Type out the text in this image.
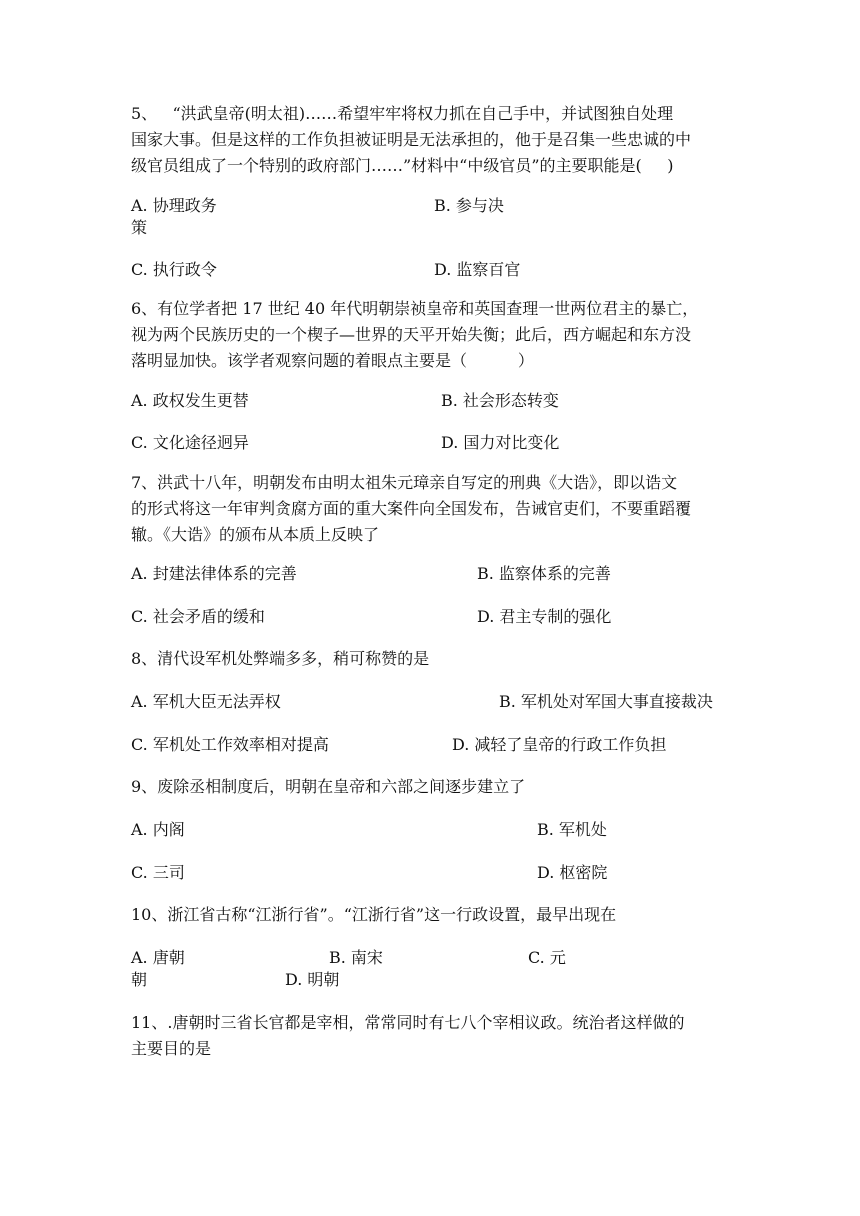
5、   “洪武皇帝(明太祖)……希望牢牢将权力抓在自己手中，并试图独自处理
国家大事。但是这样的工作负担被证明是无法承担的，他于是召集一些忠诚的中
级官员组成了一个特别的政府部门……”材料中“中级官员”的主要职能是(     )
A. 协理政务	B. 参与决
策
C. 执行政令	D. 监察百官
6、有位学者把 17 世纪 40 年代明朝崇祯皇帝和英国查理一世两位君主的暴亡，
视为两个民族历史的一个楔子—世界的天平开始失衡；此后，西方崛起和东方没
落明显加快。该学者观察问题的着眼点主要是（          ）
A. 政权发生更替	B. 社会形态转变
C. 文化途径迥异	D. 国力对比变化
7、洪武十八年，明朝发布由明太祖朱元璋亲自写定的刑典《大诰》，即以诰文
的形式将这一年审判贪腐方面的重大案件向全国发布，告诫官吏们，不要重蹈覆
辙。《大诰》的颁布从本质上反映了
A. 封建法律体系的完善	B. 监察体系的完善
C. 社会矛盾的缓和	D. 君主专制的强化
8、清代设军机处弊端多多，稍可称赞的是
A. 军机大臣无法弄权	B. 军机处对军国大事直接裁决
C. 军机处工作效率相对提高	D. 减轻了皇帝的行政工作负担
9、废除丞相制度后，明朝在皇帝和六部之间逐步建立了
A. 内阁	B. 军机处
C. 三司	D. 枢密院
10、浙江省古称“江浙行省”。“江浙行省”这一行政设置，最早出现在
A. 唐朝	B. 南宋	C. 元
朝	D. 明朝
11、.唐朝时三省长官都是宰相，常常同时有七八个宰相议政。统治者这样做的
主要目的是
